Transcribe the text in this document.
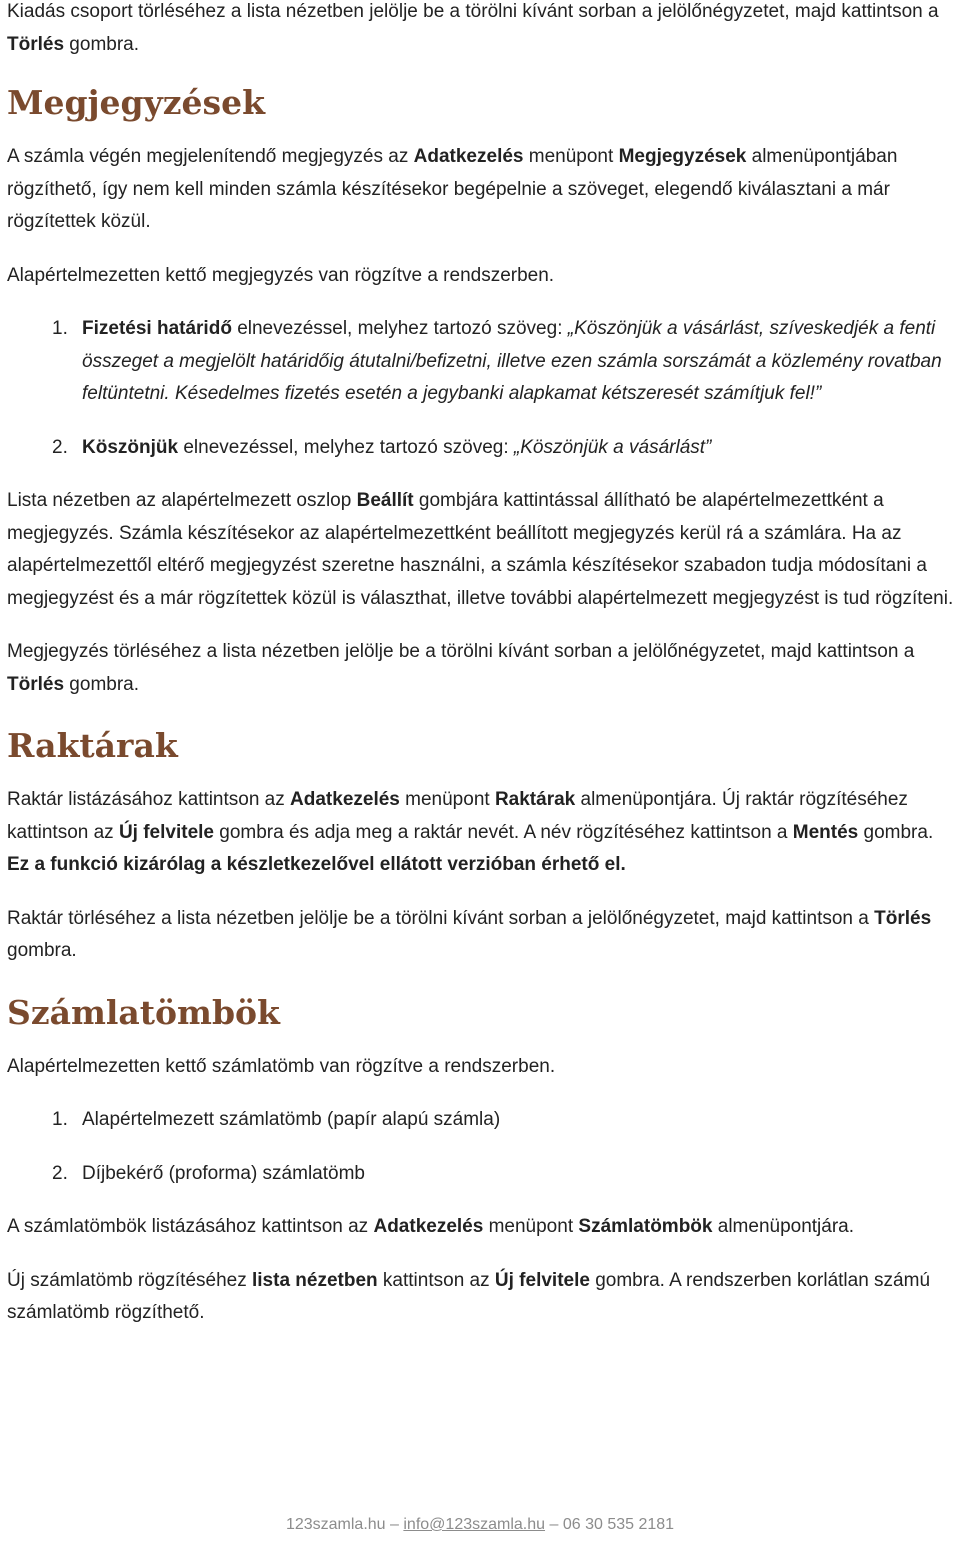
Kiadás csoport törléséhez a lista nézetben jelölje be a törölni kívánt sorban a jelölőnégyzetet, majd kattintson a Törlés gombra.

Megjegyzések

A számla végén megjelenítendő megjegyzés az Adatkezelés menüpont Megjegyzések almenüpontjában rögzíthető, így nem kell minden számla készítésekor begépelnie a szöveget, elegendő kiválasztani a már rögzítettek közül.

Alapértelmezetten kettő megjegyzés van rögzítve a rendszerben.

1. Fizetési határidő elnevezéssel, melyhez tartozó szöveg: „Köszönjük a vásárlást, szíveskedjék a fenti összeget a megjelölt határidőig átutalni/befizetni, illetve ezen számla sorszámát a közlemény rovatban feltüntetni. Késedelmes fizetés esetén a jegybanki alapkamat kétszeresét számítjuk fel!”
2. Köszönjük elnevezéssel, melyhez tartozó szöveg: „Köszönjük a vásárlást”

Lista nézetben az alapértelmezett oszlop Beállít gombjára kattintással állítható be alapértelmezettként a megjegyzés. Számla készítésekor az alapértelmezettként beállított megjegyzés kerül rá a számlára. Ha az alapértelmezettől eltérő megjegyzést szeretne használni, a számla készítésekor szabadon tudja módosítani a megjegyzést és a már rögzítettek közül is választhat, illetve további alapértelmezett megjegyzést is tud rögzíteni.

Megjegyzés törléséhez a lista nézetben jelölje be a törölni kívánt sorban a jelölőnégyzetet, majd kattintson a Törlés gombra.

Raktárak

Raktár listázásához kattintson az Adatkezelés menüpont Raktárak almenüpontjára. Új raktár rögzítéséhez kattintson az Új felvitele gombra és adja meg a raktár nevét. A név rögzítéséhez kattintson a Mentés gombra. Ez a funkció kizárólag a készletkezelővel ellátott verzióban érhető el.

Raktár törléséhez a lista nézetben jelölje be a törölni kívánt sorban a jelölőnégyzetet, majd kattintson a Törlés gombra.

Számlatömbök

Alapértelmezetten kettő számlatömb van rögzítve a rendszerben.

1. Alapértelmezett számlatömb (papír alapú számla)
2. Díjbekérő (proforma) számlatömb

A számlatömbök listázásához kattintson az Adatkezelés menüpont Számlatömbök almenüpontjára.

Új számlatömb rögzítéséhez lista nézetben kattintson az Új felvitele gombra. A rendszerben korlátlan számú számlatömb rögzíthető.

123szamla.hu – info@123szamla.hu – 06 30 535 2181
